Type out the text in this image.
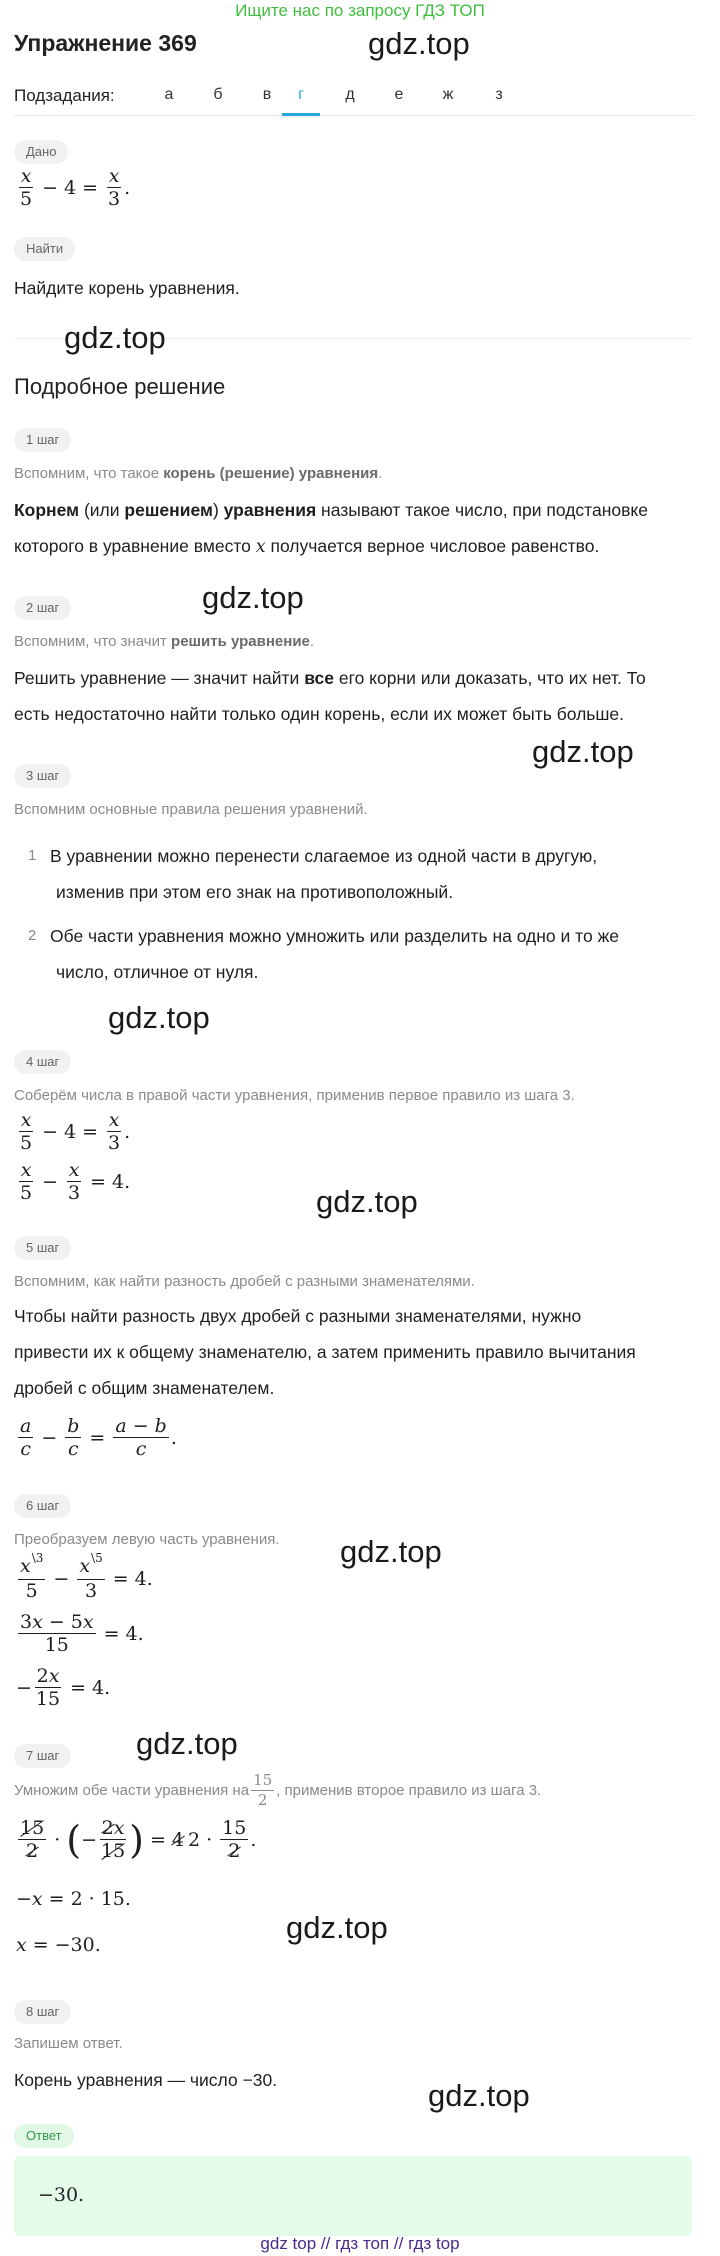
Ищите нас по запросу ГДЗ ТОП
Упражнение 369
Подзадания:	а	б	в	г	д	е	ж	з
Дано
$\frac{x}{5} - 4 = \frac{x}{3}$ .
Найти
Найдите корень уравнения.
Подробное решение
1 шаг
Вспомним, что такое корень (решение) уравнения.
Корнем (или решением) уравнения называют такое число, при подстановке
которого в уравнение вместо x получается верное числовое равенство.
2 шаг
Вспомним, что значит решить уравнение.
Решить уравнение — значит найти все его корни или доказать, что их нет. То
есть недостаточно найти только один корень, если их может быть больше.
3 шаг
Вспомним основные правила решения уравнений.
1 В уравнении можно перенести слагаемое из одной части в другую,
изменив при этом его знак на противоположный.
2 Обе части уравнения можно умножить или разделить на одно и то же
число, отличное от нуля.
4 шаг
Соберём числа в правой части уравнения, применив первое правило из шага 3.
$\frac{x}{5} - 4 = \frac{x}{3}$ .
$\frac{x}{5} - \frac{x}{3} = 4$.
5 шаг
Вспомним, как найти разность дробей с разными знаменателями.
Чтобы найти разность двух дробей с разными знаменателями, нужно
привести их к общему знаменателю, а затем применить правило вычитания
дробей с общим знаменателем.
$\frac{a}{c} - \frac{b}{c} = \frac{a - b}{c}$ .
6 шаг
Преобразуем левую часть уравнения.
$\frac{x^{\backslash 3}}{5} - \frac{x^{\backslash 5}}{3} = 4$.
$\frac{3x - 5x}{15} = 4$.
− $\frac{2x}{15} = 4$.
7 шаг
Умножим обе части уравнения на $\frac{15}{2}$ , применив второе правило из шага 3.
$\frac{15}{2}$ · ( − $\frac{2x}{15}$ ) = 4 $2 \cdot \frac{15}{2}$ .
−x = 2 · 15.
x = −30.
8 шаг
Запишем ответ.
Корень уравнения — число −30.
Ответ
−30.
gdz.top
gdz.top
gdz.top
gdz.top
gdz.top
gdz.top
gdz.top
gdz.top
gdz.top
gdz.top
gdz top // гдз топ // гдз top
